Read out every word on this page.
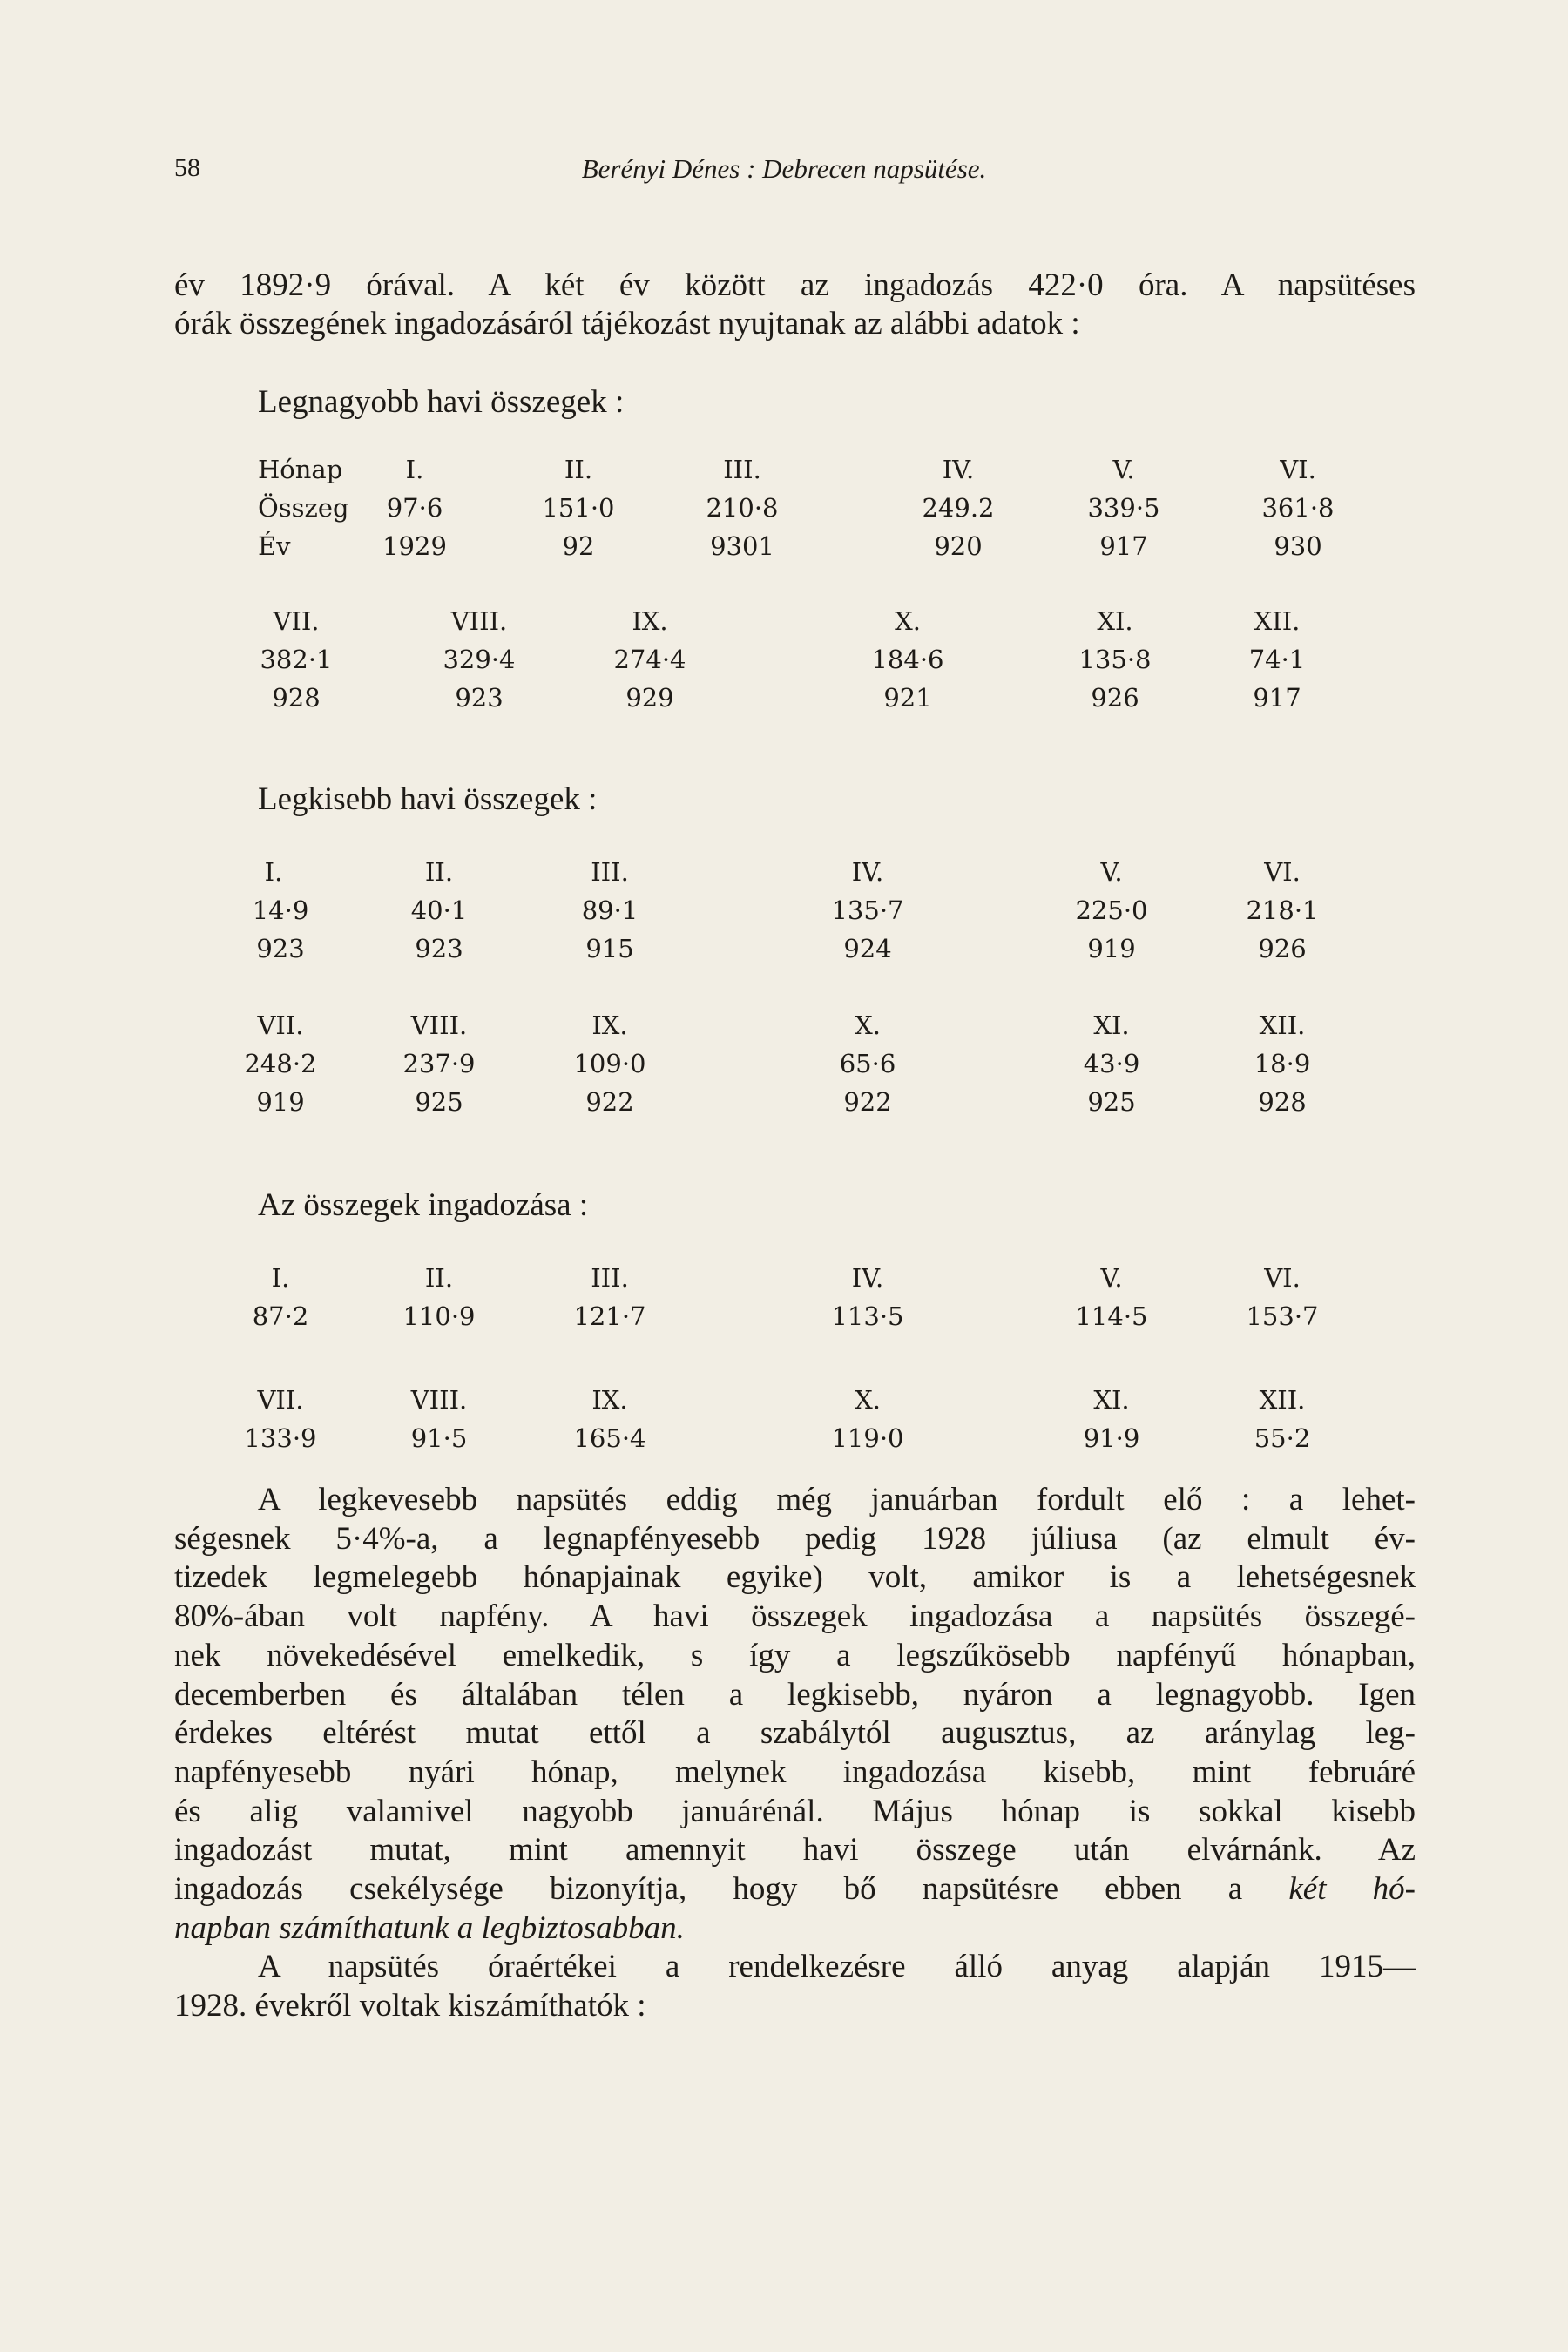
58	Berényi Dénes : Debrecen napsütése.
év 1892·9 órával. A két év között az ingadozás 422·0 óra. A napsütéses
órák összegének ingadozásáról tájékozást nyujtanak az alábbi adatok :
Legnagyobb havi összegek :
Hónap	I.	II.	III.	IV.	V.	VI.
Összeg	97·6	151·0	210·8	249.2	339·5	361·8
Év	1929	92	9301	920	917	930
VII.	VIII.	IX.	X.	XI.	XII.
382·1	329·4	274·4	184·6	135·8	74·1
928	923	929	921	926	917
Legkisebb havi összegek :
I.	II.	III.	IV.	V.	VI.
14·9	40·1	89·1	135·7	225·0	218·1
923	923	915	924	919	926
VII.	VIII.	IX.	X.	XI.	XII.
248·2	237·9	109·0	65·6	43·9	18·9
919	925	922	922	925	928
Az összegek ingadozása :
I.	II.	III.	IV.	V.	VI.
87·2	110·9	121·7	113·5	114·5	153·7
VII.	VIII.	IX.	X.	XI.	XII.
133·9	91·5	165·4	119·0	91·9	55·2
A legkevesebb napsütés eddig még januárban fordult elő : a lehet-
ségesnek 5·4%-a, a legnapfényesebb pedig 1928 júliusa (az elmult év-
tizedek legmelegebb hónapjainak egyike) volt, amikor is a lehetségesnek
80%-ában volt napfény. A havi összegek ingadozása a napsütés összegé-
nek növekedésével emelkedik, s így a legszűkösebb napfényű hónapban,
decemberben és általában télen a legkisebb, nyáron a legnagyobb. Igen
érdekes eltérést mutat ettől a szabálytól augusztus, az aránylag leg-
napfényesebb nyári hónap, melynek ingadozása kisebb, mint februáré
és alig valamivel nagyobb januárénál. Május hónap is sokkal kisebb
ingadozást mutat, mint amennyit havi összege után elvárnánk. Az
ingadozás csekélysége bizonyítja, hogy bő napsütésre ebben a két hó-
napban számíthatunk a legbiztosabban.
A napsütés óraértékei a rendelkezésre álló anyag alapján 1915—
1928. évekről voltak kiszámíthatók :
